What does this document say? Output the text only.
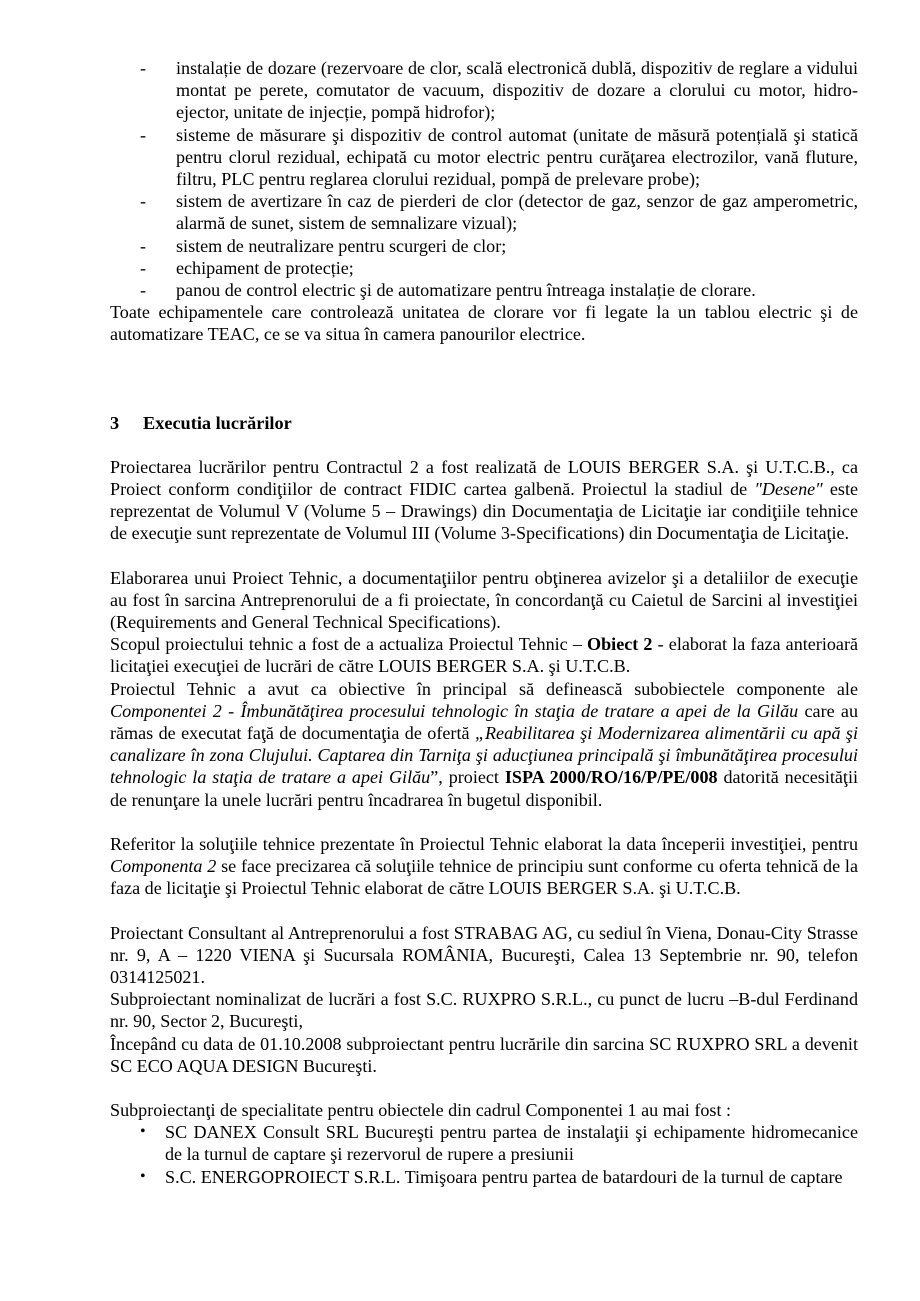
- instalație de dozare (rezervoare de clor, scală electronică dublă, dispozitiv de reglare a vidului montat pe perete, comutator de vacuum, dispozitiv de dozare a clorului cu motor, hidro-ejector, unitate de injecție, pompă hidrofor);
- sisteme de măsurare şi dispozitiv de control automat (unitate de măsură potențială şi statică pentru clorul rezidual, echipată cu motor electric pentru curăţarea electrozilor, vană fluture, filtru, PLC pentru reglarea clorului rezidual, pompă de prelevare probe);
- sistem de avertizare în caz de pierderi de clor (detector de gaz, senzor de gaz amperometric, alarmă de sunet, sistem de semnalizare vizual);
- sistem de neutralizare pentru scurgeri de clor;
- echipament de protecție;
- panou de control electric şi de automatizare pentru întreaga instalație de clorare.

Toate echipamentele care controlează unitatea de clorare vor fi legate la un tablou electric şi de automatizare TEAC, ce se va situa în camera panourilor electrice.

3	Executia lucrărilor

Proiectarea lucrărilor pentru Contractul 2 a fost realizată de LOUIS BERGER S.A. şi U.T.C.B., ca Proiect conform condiţiilor de contract FIDIC cartea galbenă. Proiectul la stadiul de ″Desene″ este reprezentat de Volumul V (Volume 5 – Drawings) din Documentaţia de Licitaţie iar condiţiile tehnice de execuţie sunt reprezentate de Volumul III (Volume 3-Specifications) din Documentaţia de Licitaţie.

Elaborarea unui Proiect Tehnic, a documentaţiilor pentru obţinerea avizelor şi a detaliilor de execuţie au fost în sarcina Antreprenorului de a fi proiectate, în concordanţă cu Caietul de Sarcini al investiţiei (Requirements and General Technical Specifications).

Scopul proiectului tehnic a fost de a actualiza Proiectul Tehnic – Obiect 2 - elaborat la faza anterioară licitaţiei execuţiei de lucrări de către LOUIS BERGER S.A. şi U.T.C.B.

Proiectul Tehnic a avut ca obiective în principal să definească subobiectele componente ale Componentei 2 - Îmbunătăţirea procesului tehnologic în staţia de tratare a apei de la Gilău care au rămas de executat faţă de documentaţia de ofertă „Reabilitarea şi Modernizarea alimentării cu apă şi canalizare în zona Clujului. Captarea din Tarniţa şi aducţiunea principală şi îmbunătăţirea procesului tehnologic la staţia de tratare a apei Gilău”, proiect ISPA 2000/RO/16/P/PE/008 datorită necesităţii de renunţare la unele lucrări pentru încadrarea în bugetul disponibil.

Referitor la soluţiile tehnice prezentate în Proiectul Tehnic elaborat la data începerii investiţiei, pentru Componenta 2 se face precizarea că soluţiile tehnice de principiu sunt conforme cu oferta tehnică de la faza de licitaţie şi Proiectul Tehnic elaborat de către LOUIS BERGER S.A. şi U.T.C.B.

Proiectant Consultant al Antreprenorului a fost STRABAG AG, cu sediul în Viena, Donau-City Strasse nr. 9, A – 1220 VIENA şi Sucursala ROMÂNIA, Bucureşti, Calea 13 Septembrie nr. 90, telefon 0314125021.

Subproiectant nominalizat de lucrări a fost S.C. RUXPRO S.R.L., cu punct de lucru –B-dul Ferdinand nr. 90, Sector 2, Bucureşti,

Începând cu data de 01.10.2008 subproiectant pentru lucrările din sarcina SC RUXPRO SRL a devenit SC ECO AQUA DESIGN Bucureşti.

Subproiectanţi de specialitate pentru obiectele din cadrul Componentei 1 au mai fost :

• SC DANEX Consult SRL Bucureşti pentru partea de instalaţii şi echipamente hidromecanice de la turnul de captare şi rezervorul de rupere a presiunii
• S.C. ENERGOPROIECT S.R.L. Timişoara pentru partea de batardouri de la turnul de captare
